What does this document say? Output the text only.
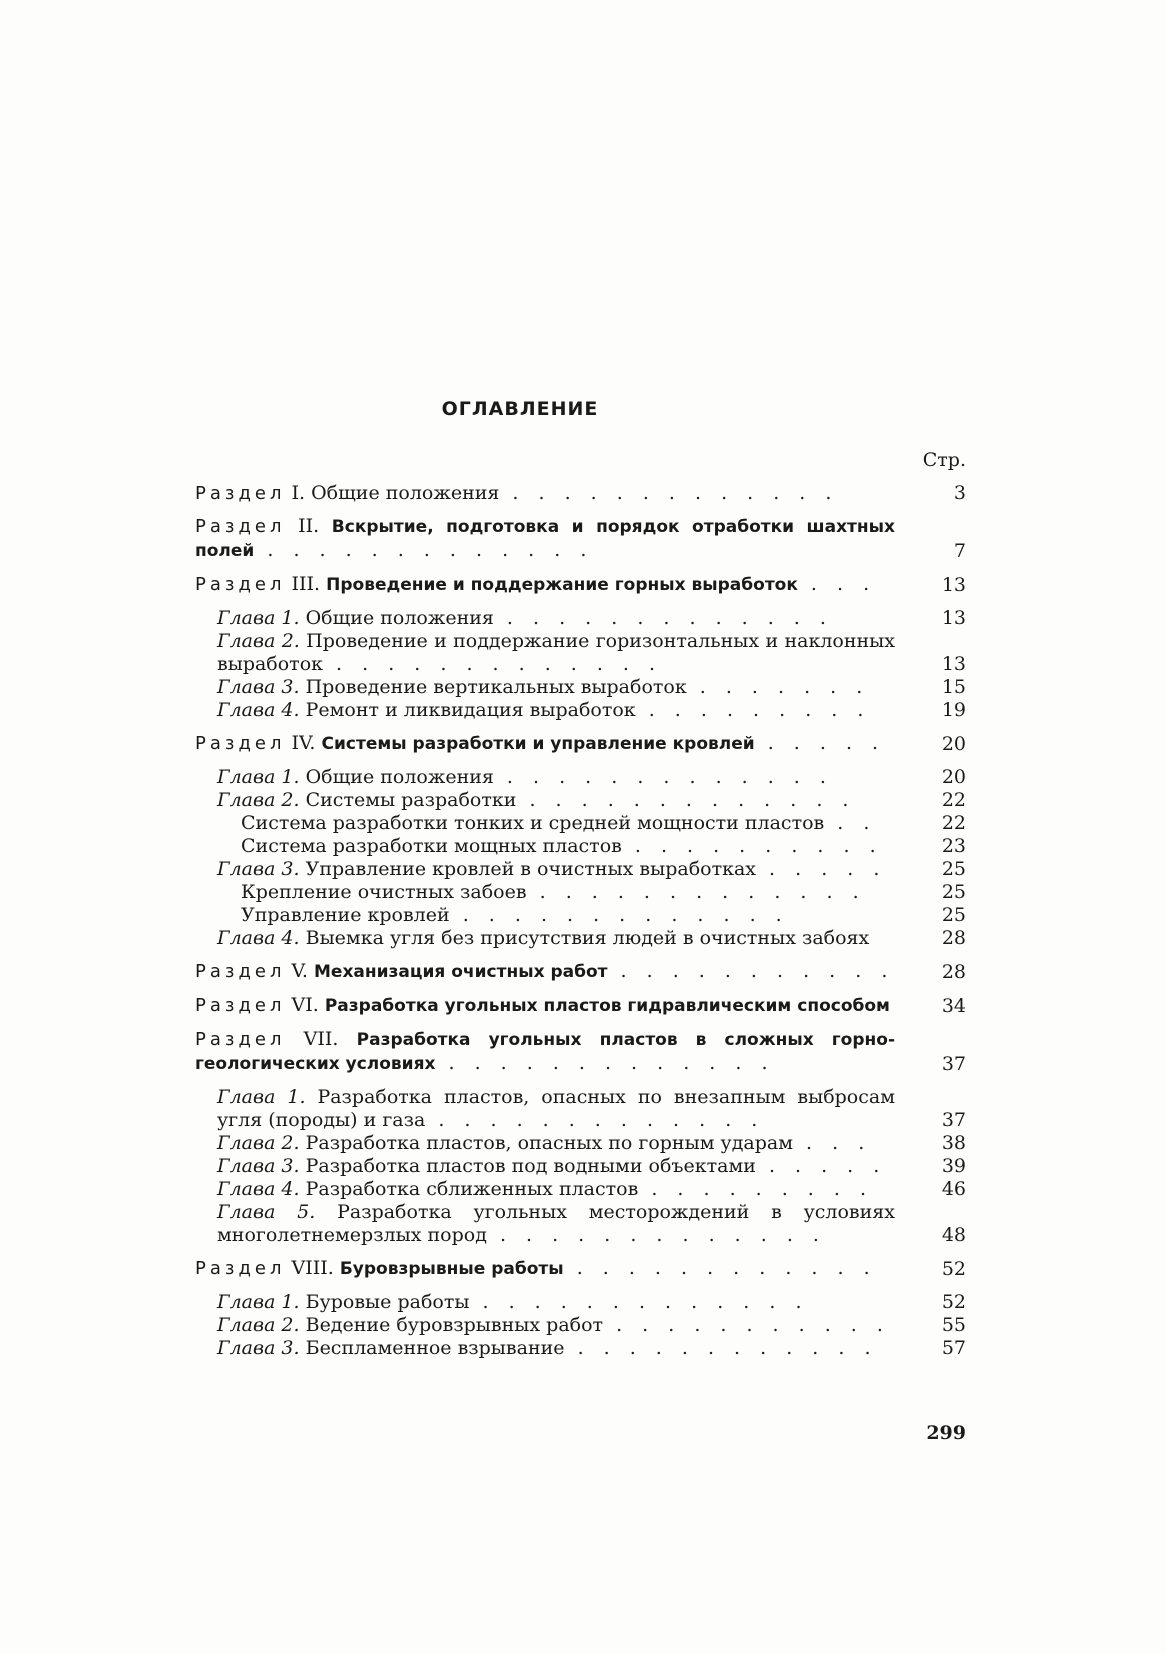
ОГЛАВЛЕНИЕ
Стр.
Раздел I. Общие положения . . . . . . . . . . . . .	3
Раздел II. Вскрытие, подготовка и порядок отработки шахтных полей . . . . . . . . . . . . .	7
Раздел III. Проведение и поддержание горных выработок . . .	13
Глава 1. Общие положения . . . . . . . . . . . . .	13
Глава 2. Проведение и поддержание горизонтальных и наклонных выработок . . . . . . . . . . . . .	13
Глава 3. Проведение вертикальных выработок . . . . . . .	15
Глава 4. Ремонт и ликвидация выработок . . . . . . . . .	19
Раздел IV. Системы разработки и управление кровлей . . . . .	20
Глава 1. Общие положения . . . . . . . . . . . . .	20
Глава 2. Системы разработки . . . . . . . . . . . . .	22
Система разработки тонких и средней мощности пластов . .	22
Система разработки мощных пластов . . . . . . . . . .	23
Глава 3. Управление кровлей в очистных выработках . . . . .	25
Крепление очистных забоев . . . . . . . . . . . . .	25
Управление кровлей . . . . . . . . . . . . .	25
Глава 4. Выемка угля без присутствия людей в очистных забоях	28
Раздел V. Механизация очистных работ . . . . . . . . . . .	28
Раздел VI. Разработка угольных пластов гидравлическим способом	34
Раздел VII. Разработка угольных пластов в сложных горно-геологических условиях . . . . . . . . . . . . .	37
Глава 1. Разработка пластов, опасных по внезапным выбросам угля (породы) и газа . . . . . . . . . . . . .	37
Глава 2. Разработка пластов, опасных по горным ударам . . .	38
Глава 3. Разработка пластов под водными объектами . . . . .	39
Глава 4. Разработка сближенных пластов . . . . . . . . .	46
Глава 5. Разработка угольных месторождений в условиях многолетнемерзлых пород . . . . . . . . . . . . .	48
Раздел VIII. Буровзрывные работы . . . . . . . . . . . .	52
Глава 1. Буровые работы . . . . . . . . . . . . .	52
Глава 2. Ведение буровзрывных работ . . . . . . . . . . .	55
Глава 3. Беспламенное взрывание . . . . . . . . . . . .	57
299
